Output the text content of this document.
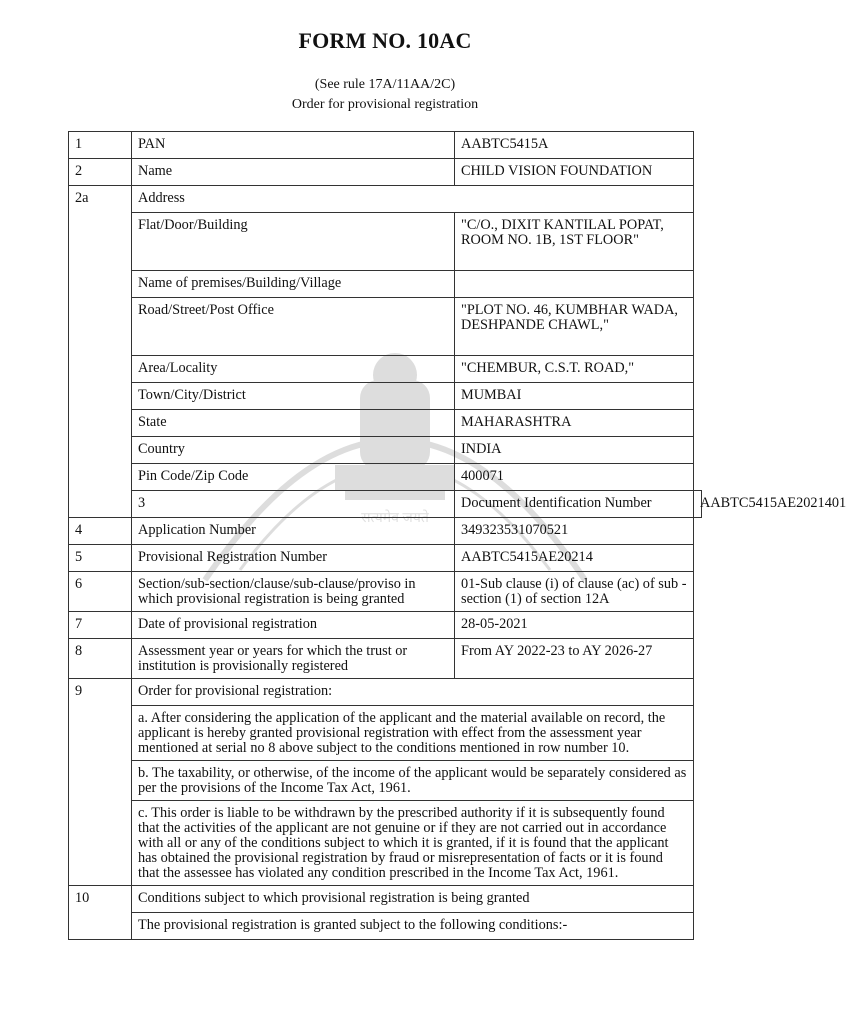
FORM NO. 10AC
(See rule 17A/11AA/2C)
Order for provisional registration
सत्यमेव जयते
1	PAN	AABTC5415A	
2	Name	CHILD VISION FOUNDATION	
2a	Address		
	Flat/Door/Building	"C/O., DIXIT KANTILAL POPAT, ROOM NO. 1B, 1ST FLOOR"	
	Name of premises/Building/Village		
	Road/Street/Post Office	"PLOT NO. 46, KUMBHAR WADA, DESHPANDE CHAWL,"	
	Area/Locality	"CHEMBUR, C.S.T. ROAD,"	
	Town/City/District	MUMBAI	
	State	MAHARASHTRA	
	Country	INDIA	
	Pin Code/Zip Code	400071	
	3	Document Identification Number	AABTC5415AE2021401
4	Application Number	349323531070521	
5	Provisional Registration Number	AABTC5415AE20214	
6	Section/sub-section/clause/sub-clause/proviso in which provisional registration is being granted	01-Sub clause (i) of clause (ac) of sub -section (1) of section 12A	
7	Date of provisional registration	28-05-2021	
8	Assessment year or years for which the trust or institution is provisionally registered	From AY 2022-23 to AY 2026-27	
9	Order for provisional registration:		
	a. After considering the application of the applicant and the material available on record, the applicant is hereby granted provisional registration with effect from the assessment year mentioned at serial no 8 above subject to the conditions mentioned in row number 10.		
	b. The taxability, or otherwise, of the income of the applicant would be separately considered as per the provisions of the Income Tax Act, 1961.		
	c. This order is liable to be withdrawn by the prescribed authority if it is subsequently found that the activities of the applicant are not genuine or if they are not carried out in accordance with all or any of the conditions subject to which it is granted, if it is found that the applicant has obtained the provisional registration by fraud or misrepresentation of facts or it is found that the assessee has violated any condition prescribed in the Income Tax Act, 1961.		
10	Conditions subject to which provisional registration is being granted		
	The provisional registration is granted subject to the following conditions:-		
